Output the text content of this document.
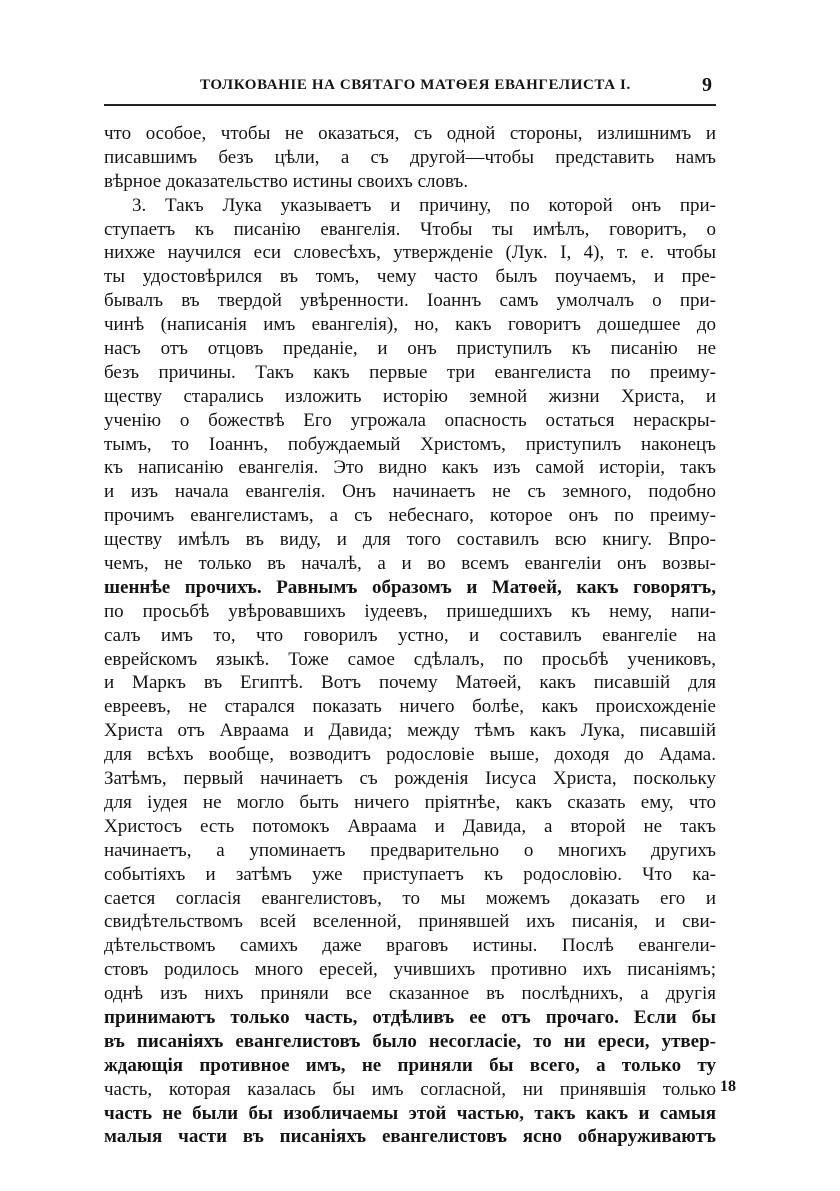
ТОЛКОВАНІЕ НА СВЯТАГО МАТѲЕЯ ЕВАНГЕЛИСТА I.	9
что особое, чтобы не оказаться, съ одной стороны, излишнимъ и
писавшимъ безъ цѣли, а съ другой—чтобы представить намъ
вѣрное доказательство истины своихъ словъ.
3. Такъ Лука указываетъ и причину, по которой онъ при-
ступаетъ къ писанію евангелія. Чтобы ты имѣлъ, говоритъ, о
нихже научился еси словесѣхъ, утвержденіе (Лук. I, 4), т. е. чтобы
ты удостовѣрился въ томъ, чему часто былъ поучаемъ, и пре-
бывалъ въ твердой увѣренности. Іоаннъ самъ умолчалъ о при-
чинѣ (написанія имъ евангелія), но, какъ говоритъ дошедшее до
насъ отъ отцовъ преданіе, и онъ приступилъ къ писанію не
безъ причины. Такъ какъ первые три евангелиста по преиму-
ществу старались изложить исторію земной жизни Христа, и
ученію о божествѣ Его угрожала опасность остаться нераскры-
тымъ, то Іоаннъ, побуждаемый Христомъ, приступилъ наконецъ
къ написанію евангелія. Это видно какъ изъ самой исторіи, такъ
и изъ начала евангелія. Онъ начинаетъ не съ земного, подобно
прочимъ евангелистамъ, а съ небеснаго, которое онъ по преиму-
ществу имѣлъ въ виду, и для того составилъ всю книгу. Впро-
чемъ, не только въ началѣ, а и во всемъ евангеліи онъ возвы-
шеннѣе прочихъ. Равнымъ образомъ и Матѳей, какъ говорятъ,
по просьбѣ увѣровавшихъ іудеевъ, пришедшихъ къ нему, напи-
салъ имъ то, что говорилъ устно, и составилъ евангеліе на
еврейскомъ языкѣ. Тоже самое сдѣлалъ, по просьбѣ учениковъ,
и Маркъ въ Египтѣ. Вотъ почему Матѳей, какъ писавшій для
евреевъ, не старался показать ничего болѣе, какъ происхожденіе
Христа отъ Авраама и Давида; между тѣмъ какъ Лука, писавшій
для всѣхъ вообще, возводитъ родословіе выше, доходя до Адама.
Затѣмъ, первый начинаетъ съ рожденія Іисуса Христа, поскольку
для іудея не могло быть ничего пріятнѣе, какъ сказать ему, что
Христосъ есть потомокъ Авраама и Давида, а второй не такъ
начинаетъ, а упоминаетъ предварительно о многихъ другихъ
событіяхъ и затѣмъ уже приступаетъ къ родословію. Что ка-
сается согласія евангелистовъ, то мы можемъ доказать его и
свидѣтельствомъ всей вселенной, принявшей ихъ писанія, и сви-
дѣтельствомъ самихъ даже враговъ истины. Послѣ евангели-
стовъ родилось много ересей, учившихъ противно ихъ писаніямъ;
однѣ изъ нихъ приняли все сказанное въ послѣднихъ, а другія
принимаютъ только часть, отдѣливъ ее отъ прочаго. Если бы
въ писаніяхъ евангелистовъ было несогласіе, то ни ереси, утвер-
ждающія противное имъ, не приняли бы всего, а только ту
часть, которая казалась бы имъ согласной, ни принявшія только
часть не были бы изобличаемы этой частью, такъ какъ и самыя
малыя части въ писаніяхъ евангелистовъ ясно обнаруживаютъ
18
